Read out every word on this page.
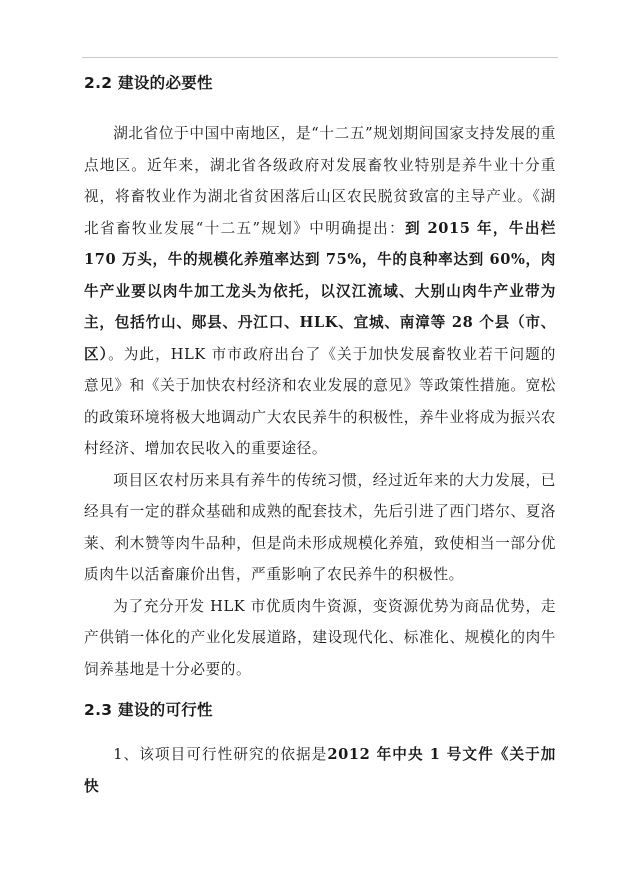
2.2 建设的必要性

湖北省位于中国中南地区，是“十二五”规划期间国家支持发展的重点地区。近年来，湖北省各级政府对发展畜牧业特别是养牛业十分重视，将畜牧业作为湖北省贫困落后山区农民脱贫致富的主导产业。《湖北省畜牧业发展“十二五”规划》中明确提出：到 2015 年，牛出栏 170 万头，牛的规模化养殖率达到 75%，牛的良种率达到 60%，肉牛产业要以肉牛加工龙头为依托，以汉江流域、大别山肉牛产业带为主，包括竹山、郧县、丹江口、HLK、宜城、南漳等 28 个县（市、区）。为此，HLK 市市政府出台了《关于加快发展畜牧业若干问题的意见》和《关于加快农村经济和农业发展的意见》等政策性措施。宽松的政策环境将极大地调动广大农民养牛的积极性，养牛业将成为振兴农村经济、增加农民收入的重要途径。

项目区农村历来具有养牛的传统习惯，经过近年来的大力发展，已经具有一定的群众基础和成熟的配套技术，先后引进了西门塔尔、夏洛莱、利木赞等肉牛品种，但是尚未形成规模化养殖，致使相当一部分优质肉牛以活畜廉价出售，严重影响了农民养牛的积极性。

为了充分开发 HLK 市优质肉牛资源，变资源优势为商品优势，走产供销一体化的产业化发展道路，建设现代化、标准化、规模化的肉牛饲养基地是十分必要的。

2.3 建设的可行性

1、该项目可行性研究的依据是2012 年中央 1 号文件《关于加快
